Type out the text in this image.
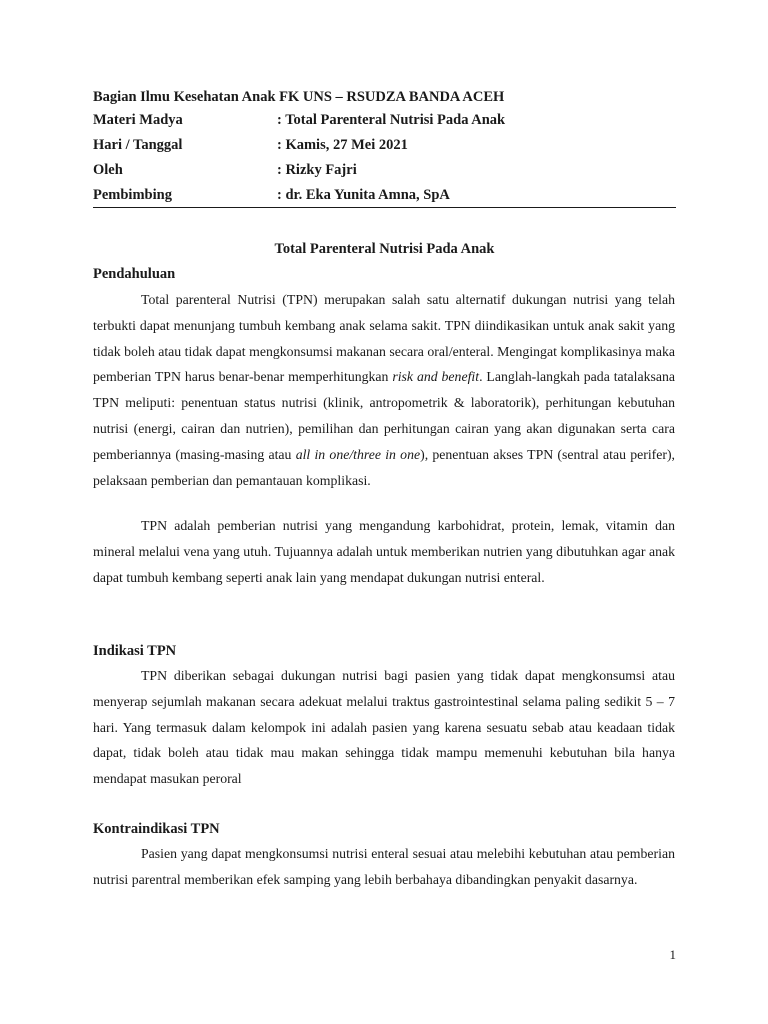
Bagian Ilmu Kesehatan Anak FK UNS – RSUDZA BANDA ACEH
Materi Madya	: Total Parenteral Nutrisi Pada Anak
Hari / Tanggal	: Kamis, 27 Mei 2021
Oleh	: Rizky Fajri
Pembimbing	: dr. Eka Yunita Amna, SpA
Total Parenteral Nutrisi Pada Anak
Pendahuluan
Total parenteral Nutrisi (TPN) merupakan salah satu alternatif dukungan nutrisi yang telah terbukti dapat menunjang tumbuh kembang anak selama sakit. TPN diindikasikan untuk anak sakit yang tidak boleh atau tidak dapat mengkonsumsi makanan secara oral/enteral. Mengingat komplikasinya maka pemberian TPN harus benar-benar memperhitungkan risk and benefit. Langlah-langkah pada tatalaksana TPN meliputi: penentuan status nutrisi (klinik, antropometrik & laboratorik), perhitungan kebutuhan nutrisi (energi, cairan dan nutrien), pemilihan dan perhitungan cairan yang akan digunakan serta cara pemberiannya (masing-masing atau all in one/three in one), penentuan akses TPN (sentral atau perifer), pelaksaan pemberian dan pemantauan komplikasi.
TPN adalah pemberian nutrisi yang mengandung karbohidrat, protein, lemak, vitamin dan mineral melalui vena yang utuh. Tujuannya adalah untuk memberikan nutrien yang dibutuhkan agar anak dapat tumbuh kembang seperti anak lain yang mendapat dukungan nutrisi enteral.
Indikasi TPN
TPN diberikan sebagai dukungan nutrisi bagi pasien yang tidak dapat mengkonsumsi atau menyerap sejumlah makanan secara adekuat melalui traktus gastrointestinal selama paling sedikit 5 – 7 hari. Yang termasuk dalam kelompok ini adalah pasien yang karena sesuatu sebab atau keadaan tidak dapat, tidak boleh atau tidak mau makan sehingga tidak mampu memenuhi kebutuhan bila hanya mendapat masukan peroral
Kontraindikasi TPN
Pasien yang dapat mengkonsumsi nutrisi enteral sesuai atau melebihi kebutuhan atau pemberian nutrisi parentral memberikan efek samping yang lebih berbahaya dibandingkan penyakit dasarnya.
1
